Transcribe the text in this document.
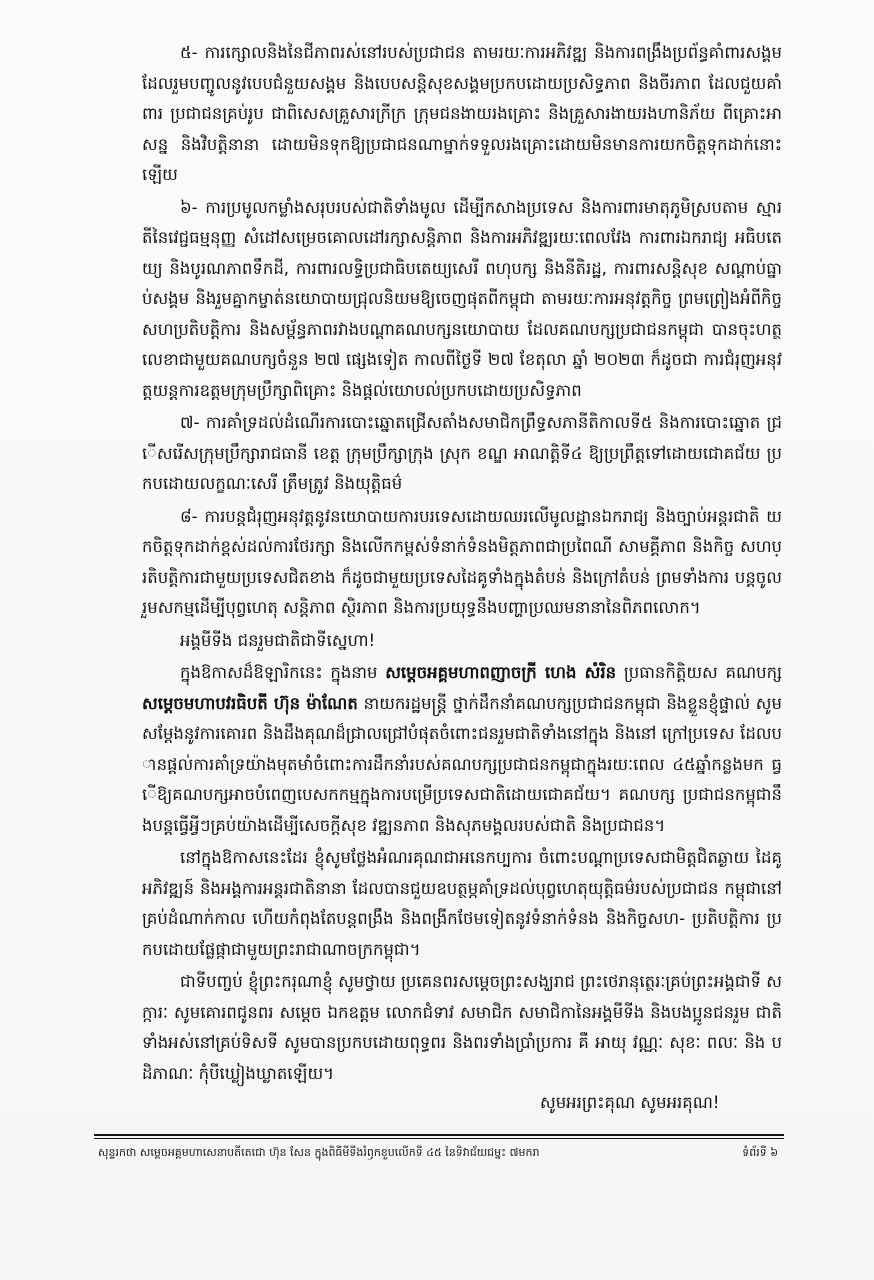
៥- ការក្សោលនិងនៃជីភាពរស់នៅរបស់ប្រជាជន តាមរយៈការអភិវឌ្ឍ និងការពង្រឹងប្រព័ន្ធគាំពារសង្គម ដែលរួមបញ្ចូលនូវបេបជំនួយសង្គម និងបេបសន្តិសុខសង្គមប្រកបដោយប្រសិទ្ធភាព និងចីរភាព ដែលជួយគាំពារ ប្រជាជនគ្រប់រូប ជាពិសេសគ្រួសារក្រីក្រ ក្រុមជនងាយរងគ្រោះ និងគ្រួសារងាយរងហានិភ័យ ពីគ្រោះអាសន្ន និងវិបត្តិនានា ដោយមិនទុកឱ្យប្រជាជនណាម្នាក់ទទួលរងគ្រោះដោយមិនមានការយកចិត្តទុកដាក់នោះឡើយ

៦- ការប្រមូលកម្លាំងសរុបរបស់ជាតិទាំងមូល ដើម្បីកសាងប្រទេស និងការពារមាតុភូមិស្របតាម ស្មារតីនៃវេជ្ជធម្មនុញ្ញ សំដៅសម្រេចគោលដៅរក្សាសន្តិភាព និងការអភិវឌ្ឍរយៈពេលវែង ការពារឯករាជ្យ អធិបតេយ្យ និងបូរណភាពទឹកដី, ការពារលទ្ធិប្រជាធិបតេយ្យសេរី ពហុបក្ស និងនីតិរដ្ឋ, ការពារសន្តិសុខ សណ្តាប់ធ្នាប់សង្គម និងរួមគ្នាកម្ចាត់នយោបាយជ្រុលនិយមឱ្យចេញផុតពីកម្ពុជា តាមរយៈការអនុវត្តកិច្ច ព្រមព្រៀងអំពីកិច្ចសហប្រតិបត្តិការ និងសម្ព័ន្ធភាពរវាងបណ្តាគណបក្សនយោបាយ ដែលគណបក្សប្រជាជនកម្ពុជា បានចុះហត្ថលេខាជាមួយគណបក្សចំនួន ២៧ ផ្សេងទៀត កាលពីថ្ងៃទី ២៧ ខែតុលា ឆ្នាំ ២០២៣ ក៏ដូចជា ការជំរុញអនុវត្តយន្តការឧត្តមក្រុមប្រឹក្សាពិគ្រោះ និងផ្តល់យោបល់ប្រកបដោយប្រសិទ្ធភាព

៧- ការគាំទ្រដល់ដំណើរការបោះឆ្នោតជ្រើសតាំងសមាជិកព្រឹទ្ធសភានីតិកាលទី៥ និងការបោះឆ្នោត ជ្រើសរើសក្រុមប្រឹក្សារាជធានី ខេត្ត ក្រុមប្រឹក្សាក្រុង ស្រុក ខណ្ឌ អាណត្តិទី៤ ឱ្យប្រព្រឹត្តទៅដោយជោគជ័យ ប្រកបដោយលក្ខណៈសេរី ត្រឹមត្រូវ និងយុត្តិធម៌

៨- ការបន្តជំរុញអនុវត្តនូវនយោបាយការបរទេសដោយឈរលើមូលដ្ឋានឯករាជ្យ និងច្បាប់អន្តរជាតិ យកចិត្តទុកដាក់ខ្ពស់ដល់ការថែរក្សា និងលើកកម្ពស់ទំនាក់ទំនងមិត្តភាពជាប្រពៃណី សាមគ្គីភាព និងកិច្ច សហប្រតិបត្តិការជាមួយប្រទេសជិតខាង ក៏ដូចជាមួយប្រទេសដៃគូទាំងក្នុងតំបន់ និងក្រៅតំបន់ ព្រមទាំងការ បន្តចូលរួមសកម្មដើម្បីបុព្វហេតុ សន្តិភាព ស្ថិរភាព និងការប្រយុទ្ធនឹងបញ្ហាប្រឈមនានានៃពិភពលោក។

អង្គមីទីង ជនរួមជាតិជាទីស្នេហា!

ក្នុងឱកាសដ៏ឱឡារិកនេះ ក្នុងនាម សម្តេចអគ្គមហាពញាចក្រី ហេង សំរិន ប្រធានកិត្តិយស គណបក្ស សម្តេចមហាបវរធិបតី ហ៊ុន ម៉ាណែត នាយករដ្ឋមន្ត្រី ថ្នាក់ដឹកនាំគណបក្សប្រជាជនកម្ពុជា និងខ្លួនខ្ញុំផ្ទាល់ សូមសម្តែងនូវការគោរព និងដឹងគុណដ៏ជ្រាលជ្រៅបំផុតចំពោះជនរួមជាតិទាំងនៅក្នុង និងនៅ ក្រៅប្រទេស ដែលបានផ្តល់ការគាំទ្រយ៉ាងមុតមាំចំពោះការដឹកនាំរបស់គណបក្សប្រជាជនកម្ពុជាក្នុងរយៈពេល ៤៥ឆ្នាំកន្លងមក ធ្វើឱ្យគណបក្សអាចបំពេញបេសកកម្មក្នុងការបម្រើប្រទេសជាតិដោយជោគជ័យ។ គណបក្ស ប្រជាជនកម្ពុជានឹងបន្តធ្វើអ្វីៗគ្រប់យ៉ាងដើម្បីសេចក្តីសុខ វឌ្ឍនភាព និងសុភមង្គលរបស់ជាតិ និងប្រជាជន។

នៅក្នុងឱកាសនេះដែរ ខ្ញុំសូមថ្លែងអំណរគុណជាអនេកប្បការ ចំពោះបណ្តាប្រទេសជាមិត្តជិតឆ្ងាយ ដៃគូអភិវឌ្ឍន៍ និងអង្គការអន្តរជាតិនានា ដែលបានជួយឧបត្ថម្ភគាំទ្រដល់បុព្វហេតុយុត្តិធម៌របស់ប្រជាជន កម្ពុជានៅគ្រប់ដំណាក់កាល ហើយកំពុងតែបន្តពង្រឹង និងពង្រីកថែមទៀតនូវទំនាក់ទំនង និងកិច្ចសហ- ប្រតិបត្តិការ ប្រកបដោយផ្លែផ្កាជាមួយព្រះរាជាណាចក្រកម្ពុជា។

ជាទីបញ្ចប់ ខ្ញុំព្រះករុណាខ្ញុំ សូមថ្វាយ ប្រគេនពរសម្តេចព្រះសង្ឃរាជ ព្រះថេរានុត្ថេរៈគ្រប់ព្រះអង្គជាទី សក្ការៈ សូមគោរពជូនពរ សម្តេច ឯកឧត្តម លោកជំទាវ សមាជិក សមាជិកានៃអង្គមីទីង និងបងប្អូនជនរួម ជាតិទាំងអស់នៅគ្រប់ទិសទី សូមបានប្រកបដោយពុទ្ធពរ និងពរទាំងប្រាំប្រការ គឺ អាយុ វណ្ណៈ សុខៈ ពលៈ និង បដិភាណៈ កុំបីឃ្លៀងឃ្លាតឡើយ។

សូមអរព្រះគុណ សូមអរគុណ!
សុន្ទរកថា សម្តេចអគ្គមហាសេនាបតីតេជោ ហ៊ុន សែន ក្នុងពិធីមីទីងរំឭកខួបលើកទី ៤៥ នៃទិវាជ័យជម្នះ ៧មករា	ទំព័រទី ៦
